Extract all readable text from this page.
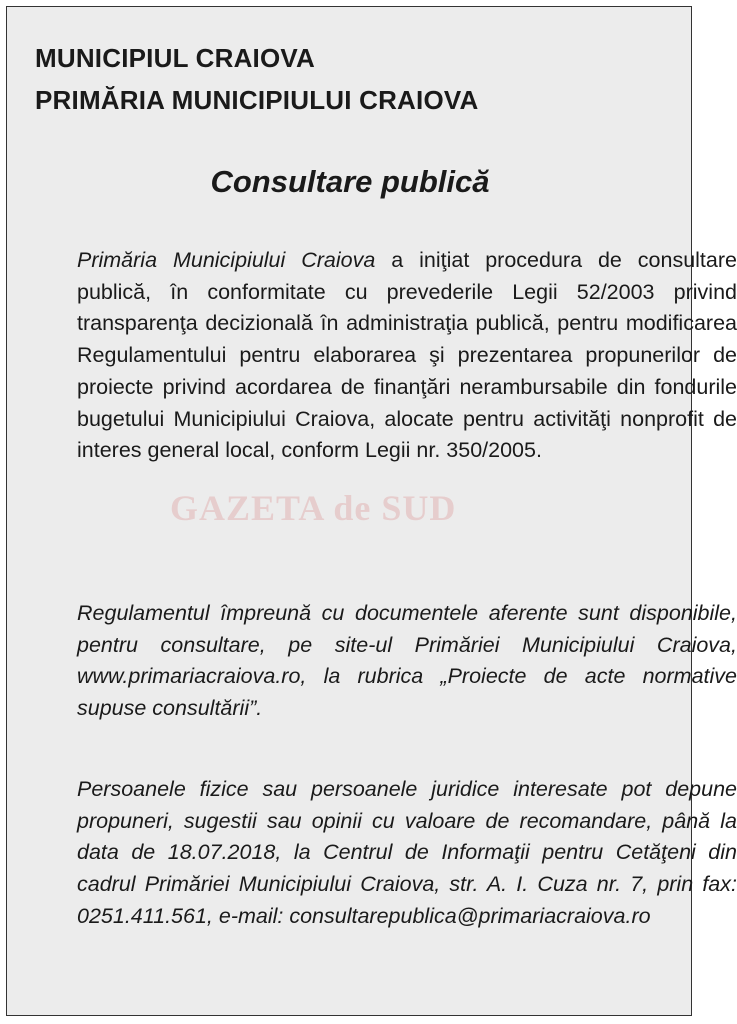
GAZETA de SUD
MUNICIPIUL CRAIOVA
PRIMĂRIA MUNICIPIULUI CRAIOVA
Consultare publică

Primăria Municipiului Craiova a iniţiat procedura de consultare publică, în conformitate cu prevederile Legii 52/2003 privind transparenţa decizională în administraţia publică, pentru modificarea Regulamentului pentru elaborarea şi prezentarea propunerilor de proiecte privind acordarea de finanţări nerambursabile din fondurile bugetului Municipiului Craiova, alocate pentru activităţi nonprofit de interes general local, conform Legii nr. 350/2005.

Regulamentul împreună cu documentele aferente sunt disponibile, pentru consultare, pe site-ul Primăriei Municipiului Craiova, www.primariacraiova.ro, la rubrica „Proiecte de acte normative supuse consultării”.

Persoanele fizice sau persoanele juridice interesate pot depune propuneri, sugestii sau opinii cu valoare de recomandare, până la data de 18.07.2018, la Centrul de Informaţii pentru Cetăţeni din cadrul Primăriei Municipiului Craiova, str. A. I. Cuza nr. 7, prin fax: 0251.411.561, e-mail: consultarepublica@primariacraiova.ro
